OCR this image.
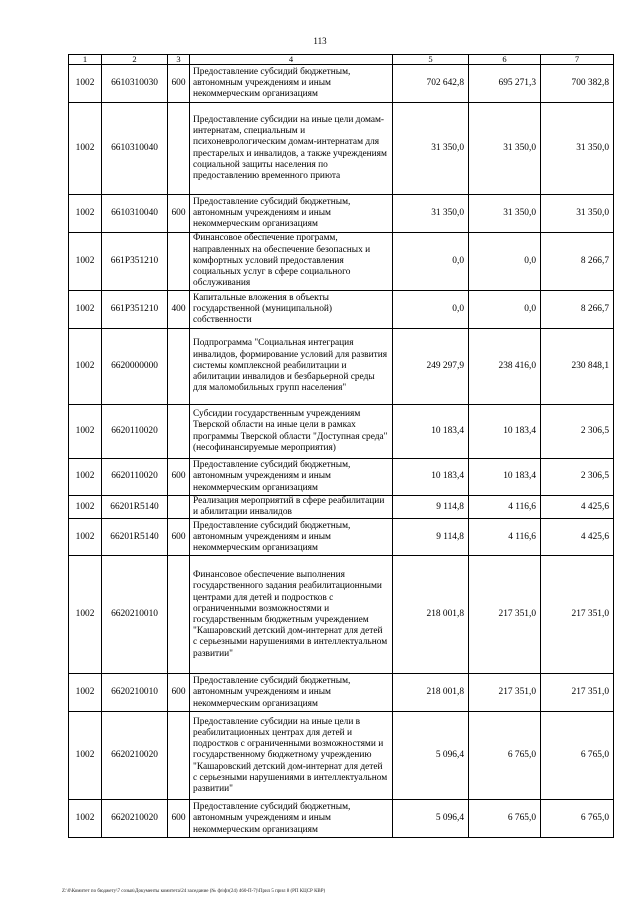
113
1	2	3	4	5	6	7
1002	6610310030	600	Предоставление субсидий бюджетным, автономным учреждениям и иным некоммерческим организациям	702 642,8	695 271,3	700 382,8
1002	6610310040		Предоставление субсидии на иные цели домам-интернатам, специальным и психоневрологическим домам-интернатам для престарелых и инвалидов, а также учреждениям социальной защиты населения по предоставлению временного приюта	31 350,0	31 350,0	31 350,0
1002	6610310040	600	Предоставление субсидий бюджетным, автономным учреждениям и иным некоммерческим организациям	31 350,0	31 350,0	31 350,0
1002	661P351210		Финансовое обеспечение программ, направленных на обеспечение безопасных и комфортных условий предоставления социальных услуг в сфере социального обслуживания	0,0	0,0	8 266,7
1002	661P351210	400	Капитальные вложения в объекты государственной (муниципальной) собственности	0,0	0,0	8 266,7
1002	6620000000		Подпрограмма "Социальная интеграция инвалидов, формирование условий для развития системы комплексной реабилитации и абилитации инвалидов и безбарьерной среды для маломобильных групп населения"	249 297,9	238 416,0	230 848,1
1002	6620110020		Субсидии государственным учреждениям Тверской области на иные цели в рамках программы Тверской области "Доступная среда" (несофинансируемые мероприятия)	10 183,4	10 183,4	2 306,5
1002	6620110020	600	Предоставление субсидий бюджетным, автономным учреждениям и иным некоммерческим организациям	10 183,4	10 183,4	2 306,5
1002	66201R5140		Реализация мероприятий в сфере реабилитации и абилитации инвалидов	9 114,8	4 116,6	4 425,6
1002	66201R5140	600	Предоставление субсидий бюджетным, автономным учреждениям и иным некоммерческим организациям	9 114,8	4 116,6	4 425,6
1002	6620210010		Финансовое обеспечение выполнения государственного задания реабилитационными центрами для детей и подростков с ограниченными возможностями и государственным бюджетным учреждением "Кашаровский детский дом-интернат для детей с серьезными нарушениями в интеллектуальном развитии"	218 001,8	217 351,0	217 351,0
1002	6620210010	600	Предоставление субсидий бюджетным, автономным учреждениям и иным некоммерческим организациям	218 001,8	217 351,0	217 351,0
1002	6620210020		Предоставление субсидии на иные цели в реабилитационных центрах для детей и подростков с ограниченными возможностями и государственному бюджетному учреждению "Кашаровский детский дом-интернат для детей с серьезными нарушениями в интеллектуальном развитии"	5 096,4	6 765,0	6 765,0
1002	6620210020	600	Предоставление субсидий бюджетным, автономным учреждениям и иным некоммерческим организациям	5 096,4	6 765,0	6 765,0
Z:\0\Комитет по бюджету\7 созыв\Документы комитета\24 заседание (№ фз\фз(24) 460-П-7)\Прил 5 прил 8 (РП КЦСР КВР)
